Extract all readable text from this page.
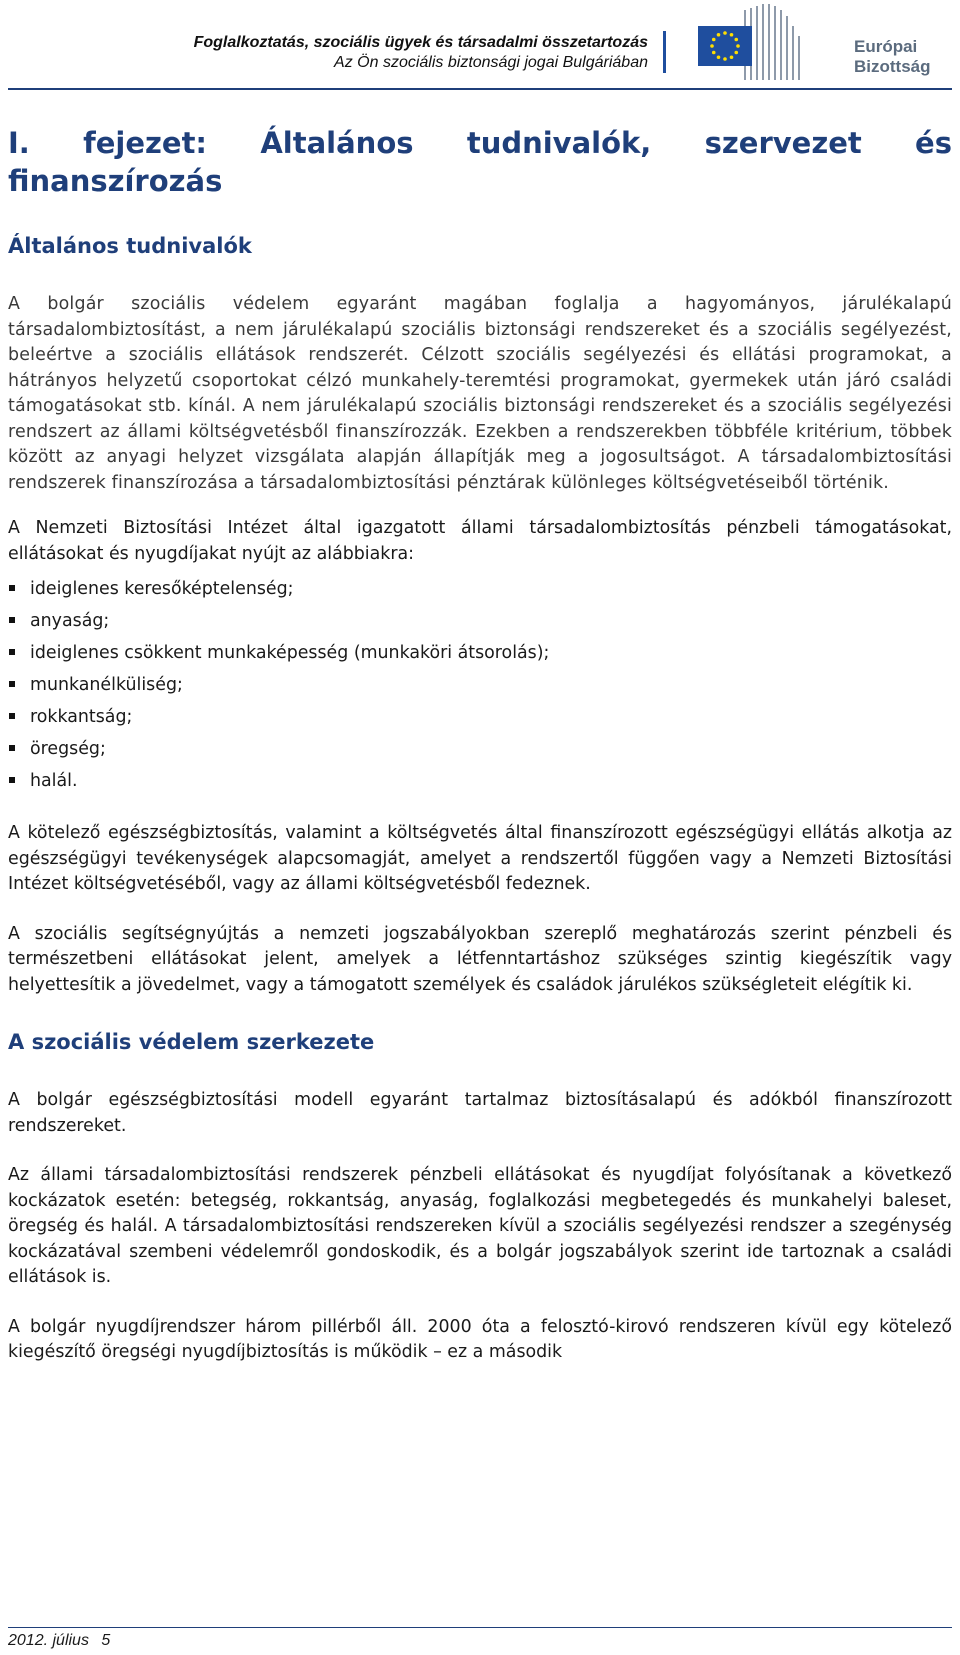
Foglalkoztatás, szociális ügyek és társadalmi összetartozás
Az Ön szociális biztonsági jogai Bulgáriában
Európai
Bizottság
I. fejezet: Általános tudnivalók, szervezet és finanszírozás
Általános tudnivalók

A bolgár szociális védelem egyaránt magában foglalja a hagyományos, járulékalapú társadalombiztosítást, a nem járulékalapú szociális biztonsági rendszereket és a szociális segélyezést, beleértve a szociális ellátások rendszerét. Célzott szociális segélyezési és ellátási programokat, a hátrányos helyzetű csoportokat célzó munkahely-teremtési programokat, gyermekek után járó családi támogatásokat stb. kínál. A nem járulékalapú szociális biztonsági rendszereket és a szociális segélyezési rendszert az állami költségvetésből finanszírozzák. Ezekben a rendszerekben többféle kritérium, többek között az anyagi helyzet vizsgálata alapján állapítják meg a jogosultságot. A társadalombiztosítási rendszerek finanszírozása a társadalombiztosítási pénztárak különleges költségvetéseiből történik.

A Nemzeti Biztosítási Intézet által igazgatott állami társadalombiztosítás pénzbeli támogatásokat, ellátásokat és nyugdíjakat nyújt az alábbiakra:

ideiglenes keresőképtelenség;
anyaság;
ideiglenes csökkent munkaképesség (munkaköri átsorolás);
munkanélküliség;
rokkantság;
öregség;
halál.

A kötelező egészségbiztosítás, valamint a költségvetés által finanszírozott egészségügyi ellátás alkotja az egészségügyi tevékenységek alapcsomagját, amelyet a rendszertől függően vagy a Nemzeti Biztosítási Intézet költségvetéséből, vagy az állami költségvetésből fedeznek.

A szociális segítségnyújtás a nemzeti jogszabályokban szereplő meghatározás szerint pénzbeli és természetbeni ellátásokat jelent, amelyek a létfenntartáshoz szükséges szintig kiegészítik vagy helyettesítik a jövedelmet, vagy a támogatott személyek és családok járulékos szükségleteit elégítik ki.

A szociális védelem szerkezete

A bolgár egészségbiztosítási modell egyaránt tartalmaz biztosításalapú és adókból finanszírozott rendszereket.

Az állami társadalombiztosítási rendszerek pénzbeli ellátásokat és nyugdíjat folyósítanak a következő kockázatok esetén: betegség, rokkantság, anyaság, foglalkozási megbetegedés és munkahelyi baleset, öregség és halál. A társadalombiztosítási rendszereken kívül a szociális segélyezési rendszer a szegénység kockázatával szembeni védelemről gondoskodik, és a bolgár jogszabályok szerint ide tartoznak a családi ellátások is.

A bolgár nyugdíjrendszer három pillérből áll. 2000 óta a felosztó-kirovó rendszeren kívül egy kötelező kiegészítő öregségi nyugdíjbiztosítás is működik – ez a második

2012. július 5
